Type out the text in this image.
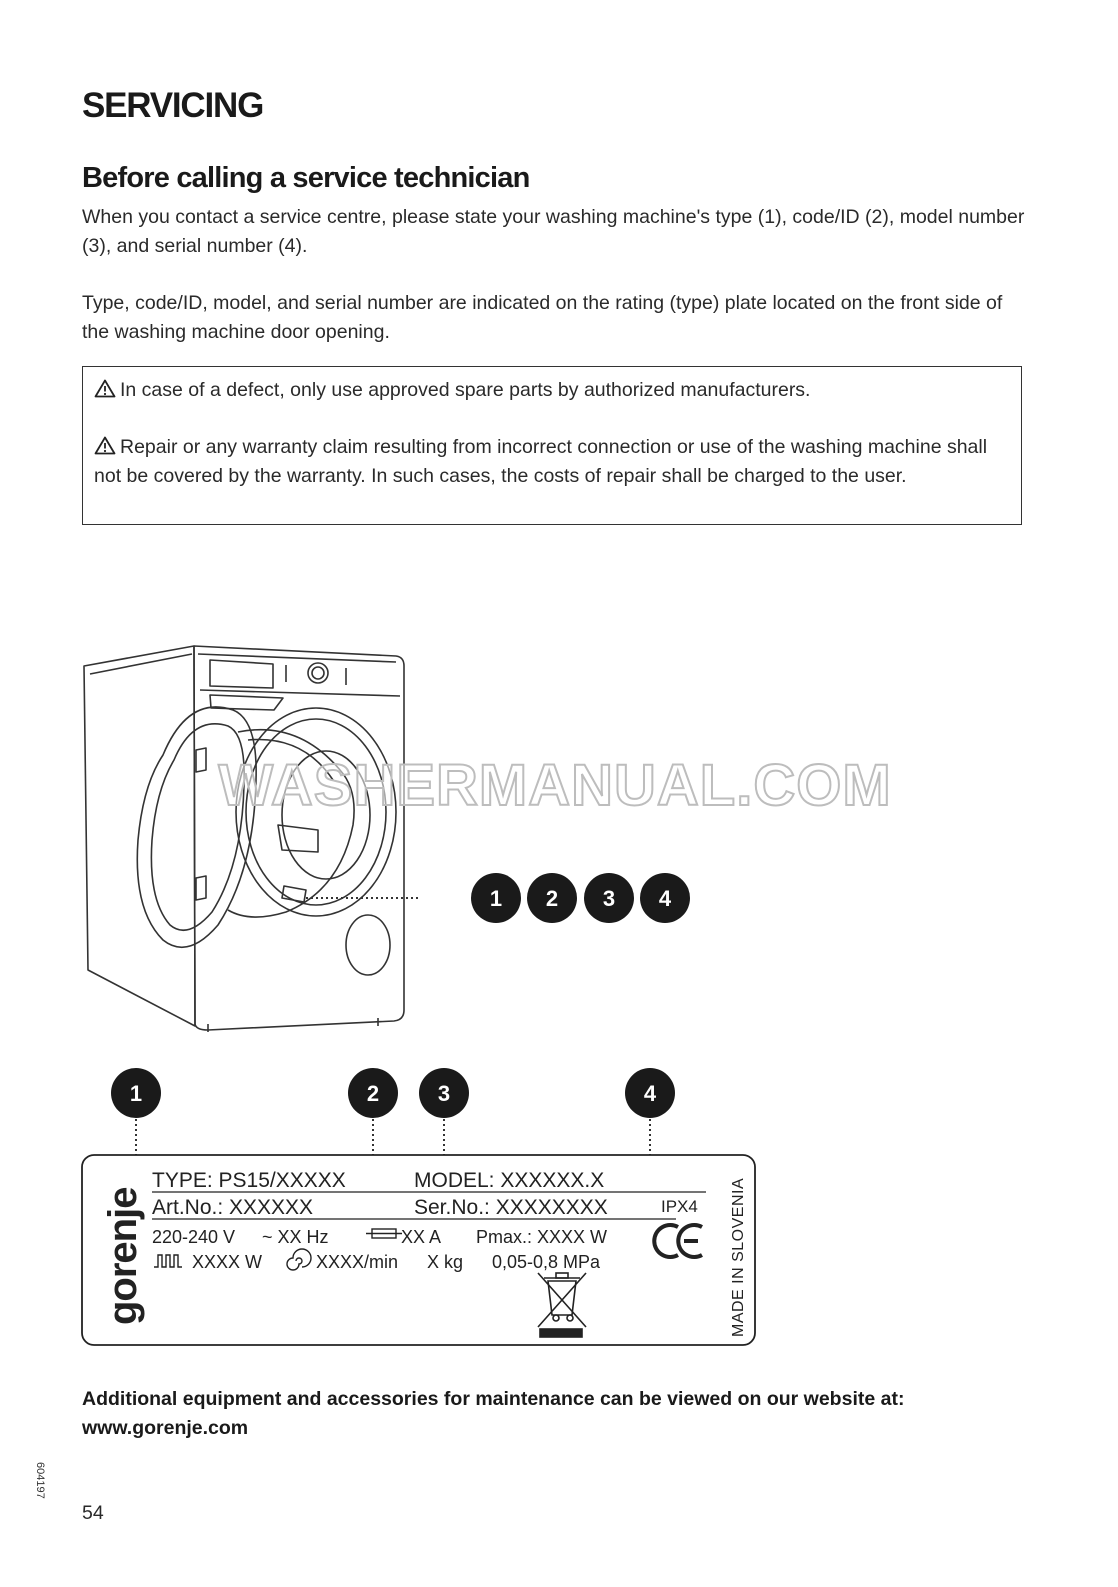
SERVICING
Before calling a service technician

When you contact a service centre, please state your washing machine's type (1), code/ID (2), model number (3), and serial number (4).

Type, code/ID, model, and serial number are indicated on the rating (type) plate located on the front side of the washing machine door opening.

In case of a defect, only use approved spare parts by authorized manufacturers.

Repair or any warranty claim resulting from incorrect connection or use of the washing machine shall not be covered by the warranty. In such cases, the costs of repair shall be charged to the user.

WASHERMANUAL.COM
1 2 3 4
1	2	3	4
gorenje
TYPE: PS15/XXXXX	MODEL: XXXXXX.X
Art.No.: XXXXXX	Ser.No.: XXXXXXXX	IPX4
220-240 V ~ XX Hz	XX A Pmax.: XXXX W
XXXX W	XXXX/min X kg 0,05-0,8 MPa	MADE IN SLOVENIA
Additional equipment and accessories for maintenance can be viewed on our website at: www.gorenje.com
54
604197
